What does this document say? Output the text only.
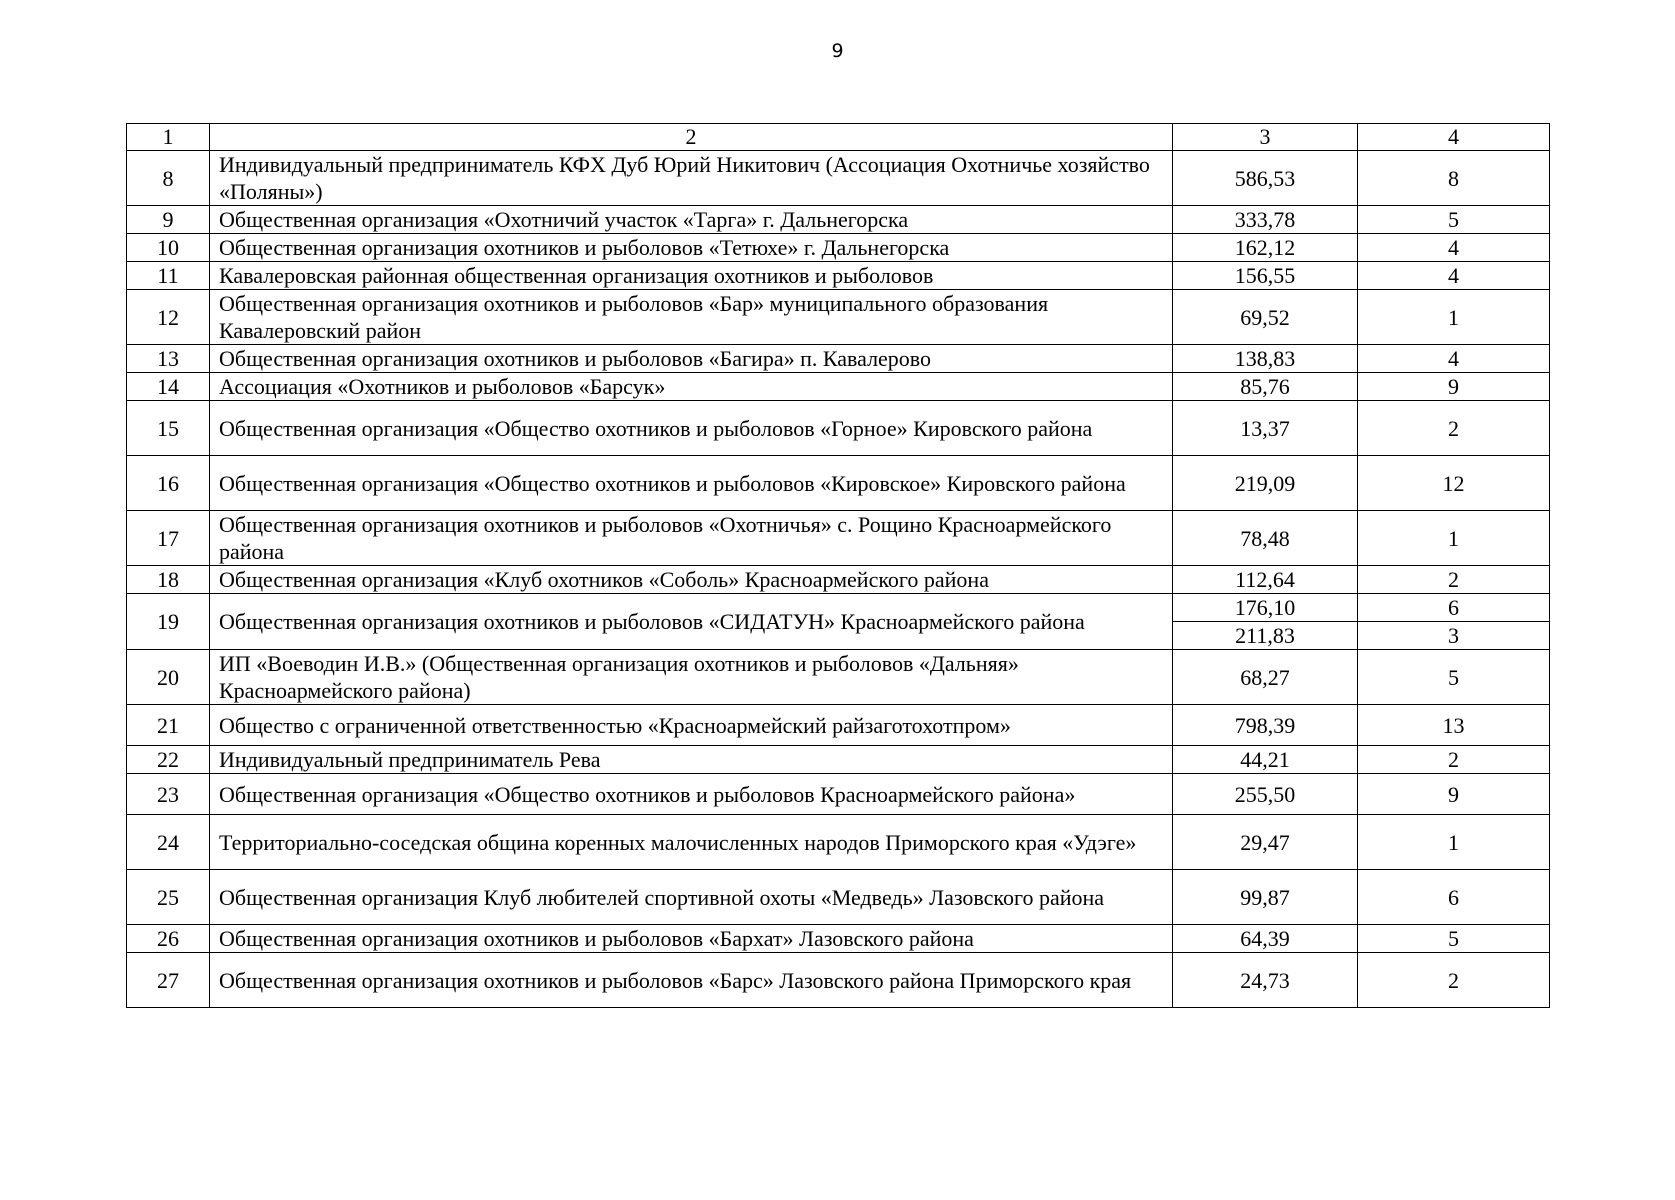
9
1	2	3	4
8	Индивидуальный предприниматель КФХ Дуб Юрий Никитович (Ассоциация Охотничье хозяйство «Поляны»)	586,53	8
9	Общественная организация «Охотничий участок «Тарга» г. Дальнегорска	333,78	5
10	Общественная организация охотников и рыболовов «Тетюхе» г. Дальнегорска	162,12	4
11	Кавалеровская районная общественная организация охотников и рыболовов	156,55	4
12	Общественная организация охотников и рыболовов «Бар» муниципального образования Кавалеровский район	69,52	1
13	Общественная организация охотников и рыболовов «Багира» п. Кавалерово	138,83	4
14	Ассоциация «Охотников и рыболовов «Барсук»	85,76	9
15	Общественная организация «Общество охотников и рыболовов «Горное» Кировского района	13,37	2
16	Общественная организация «Общество охотников и рыболовов «Кировское» Кировского района	219,09	12
17	Общественная организация охотников и рыболовов «Охотничья» с. Рощино Красноармейского района	78,48	1
18	Общественная организация «Клуб охотников «Соболь» Красноармейского района	112,64	2
19	Общественная организация охотников и рыболовов «СИДАТУН» Красноармейского района	176,10	6
		211,83	3
20	ИП «Воеводин И.В.» (Общественная организация охотников и рыболовов «Дальняя» Красноармейского района)	68,27	5
21	Общество с ограниченной ответственностью «Красноармейский райзаготохотпром»	798,39	13
22	Индивидуальный предприниматель Рева	44,21	2
23	Общественная организация «Общество охотников и рыболовов Красноармейского района»	255,50	9
24	Территориально-соседская община коренных малочисленных народов Приморского края «Удэге»	29,47	1
25	Общественная организация Клуб любителей спортивной охоты «Медведь» Лазовского района	99,87	6
26	Общественная организация охотников и рыболовов «Бархат» Лазовского района	64,39	5
27	Общественная организация охотников и рыболовов «Барс» Лазовского района Приморского края	24,73	2
